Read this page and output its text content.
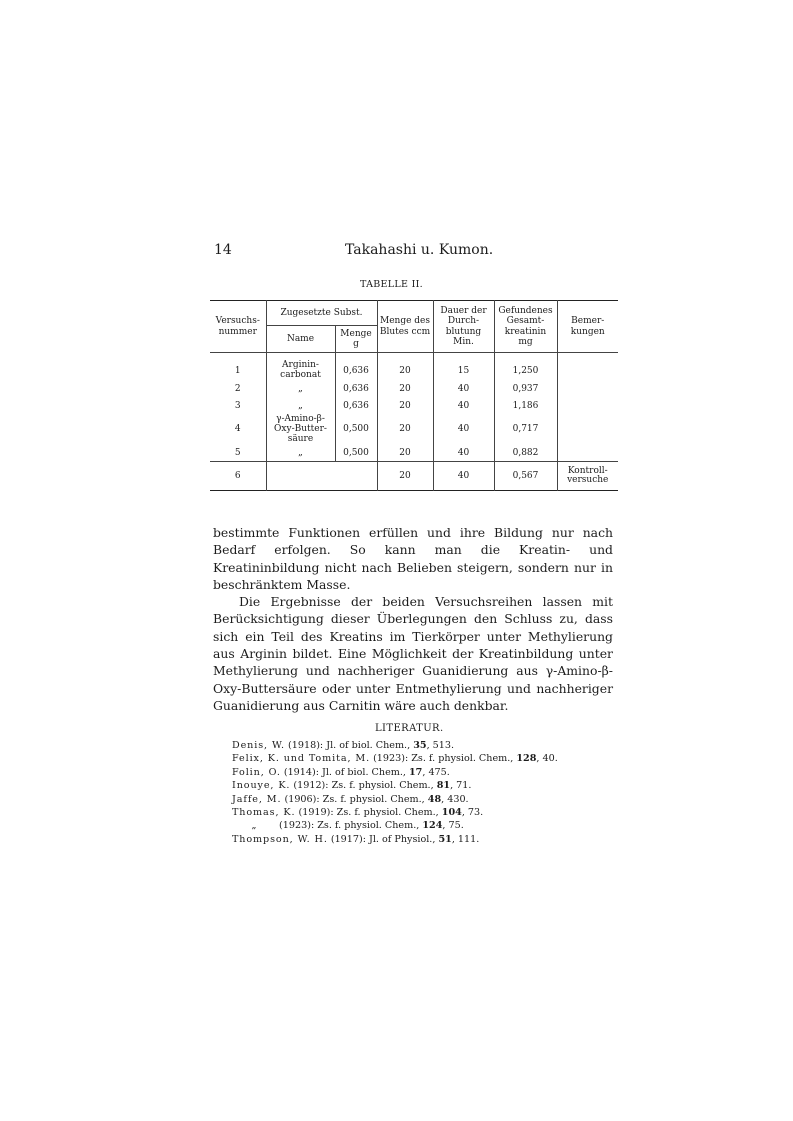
14	Takahashi u. Kumon.
TABELLE II.
Versuchs-nummer	Zugesetzte Subst.		Menge des Blutes ccm	Dauer der Durch-blutung Min.	Gefundenes Gesamt-kreatinin mg	Bemer-kungen
	Name	Menge g				

1	Arginin-carbonat	0,636	20	15	1,250	
2	„	0,636	20	40	0,937	
3	„	0,636	20	40	1,186	
4	γ-Amino-β-Oxy-Butter-säure	0,500	20	40	0,717	
5	„	0,500	20	40	0,882	
6			20	40	0,567	Kontroll-versuche

bestimmte Funktionen erfüllen und ihre Bildung nur nach Bedarf erfolgen. So kann man die Kreatin- und Kreatininbildung nicht nach Belieben steigern, sondern nur in beschränktem Masse.

Die Ergebnisse der beiden Versuchsreihen lassen mit Berücksichtigung dieser Überlegungen den Schluss zu, dass sich ein Teil des Kreatins im Tierkörper unter Methylierung aus Arginin bildet. Eine Möglichkeit der Kreatinbildung unter Methylierung und nachheriger Guanidierung aus γ-Amino-β-Oxy-Buttersäure oder unter Entmethylierung und nachheriger Guanidierung aus Carnitin wäre auch denkbar.

LITERATUR.
Denis, W. (1918): Jl. of biol. Chem., 35, 513.
Felix, K. und Tomita, M. (1923): Zs. f. physiol. Chem., 128, 40.
Folin, O. (1914): Jl. of biol. Chem., 17, 475.
Inouye, K. (1912): Zs. f. physiol. Chem., 81, 71.
Jaffe, M. (1906): Zs. f. physiol. Chem., 48, 430.
Thomas, K. (1919): Zs. f. physiol. Chem., 104, 73.
„ (1923): Zs. f. physiol. Chem., 124, 75.
Thompson, W. H. (1917): Jl. of Physiol., 51, 111.
